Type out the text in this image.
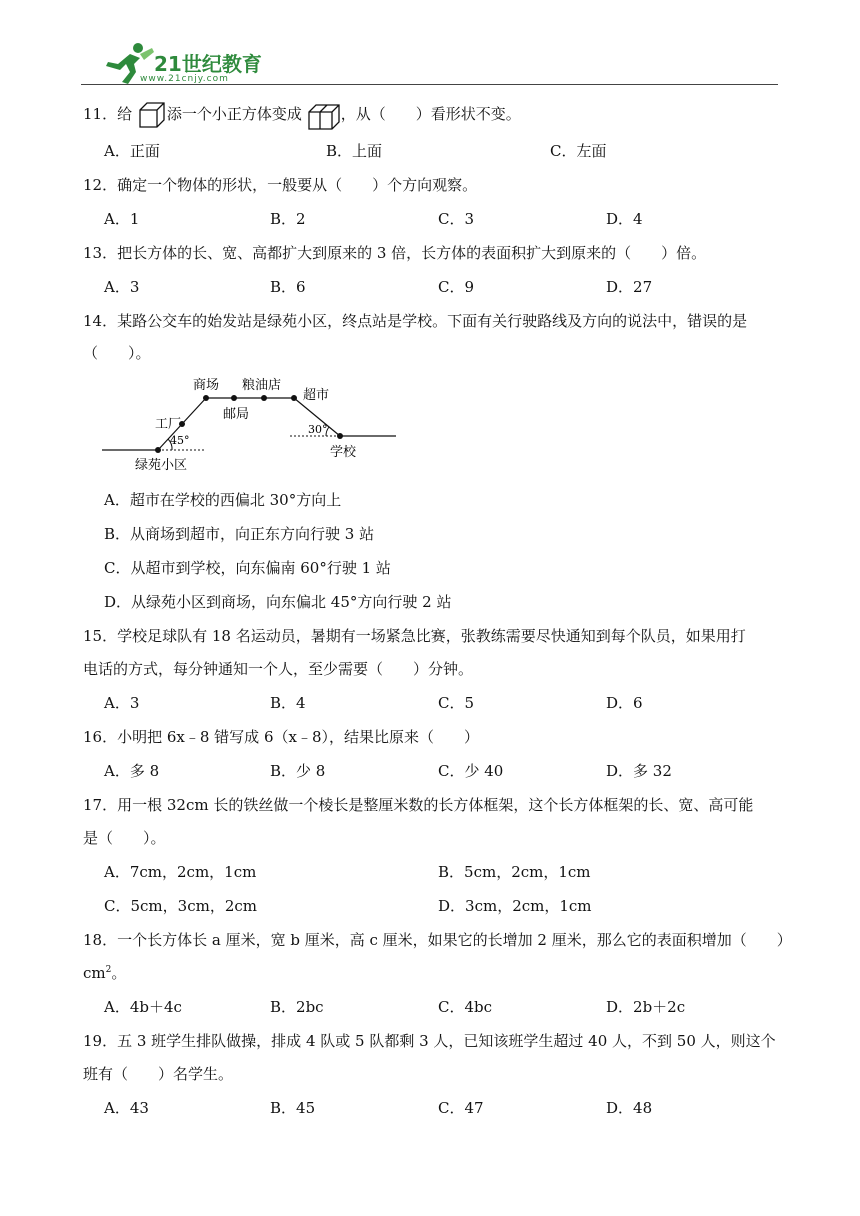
21世纪教育
www.21cnjy.com
11．给 添一个小正方体变成	，从（　　）看形状不变。
A．正面	B．上面	C．左面
12．确定一个物体的形状，一般要从（　　）个方向观察。
A．1	B．2	C．3	D．4
13．把长方体的长、宽、高都扩大到原来的 3 倍，长方体的表面积扩大到原来的（　　）倍。
A．3	B．6	C．9	D．27
14．某路公交车的始发站是绿苑小区，终点站是学校。下面有关行驶路线及方向的说法中，错误的是
（　　）。
商场 粮油店
超市
工厂
邮局
绿苑小区
学校
45°
30°
A．超市在学校的西偏北 30°方向上
B．从商场到超市，向正东方向行驶 3 站
C．从超市到学校，向东偏南 60°行驶 1 站
D．从绿苑小区到商场，向东偏北 45°方向行驶 2 站
15．学校足球队有 18 名运动员，暑期有一场紧急比赛，张教练需要尽快通知到每个队员，如果用打
电话的方式，每分钟通知一个人，至少需要（　　）分钟。
A．3	B．4	C．5	D．6
16．小明把 6x﹣8 错写成 6（x﹣8），结果比原来（　　）
A．多 8	B．少 8	C．少 40	D．多 32
17．用一根 32cm 长的铁丝做一个棱长是整厘米数的长方体框架，这个长方体框架的长、宽、高可能
是（　　）。
A．7cm，2cm，1cm	B．5cm，2cm，1cm
C．5cm，3cm，2cm	D．3cm，2cm，1cm
18．一个长方体长 a 厘米，宽 b 厘米，高 c 厘米，如果它的长增加 2 厘米，那么它的表面积增加（　　）
$cm^2$。
A．4b＋4c	B．2bc	C．4bc	D．2b＋2c
19．五 3 班学生排队做操，排成 4 队或 5 队都剩 3 人，已知该班学生超过 40 人，不到 50 人，则这个
班有（　　）名学生。
A．43	B．45	C．47	D．48
